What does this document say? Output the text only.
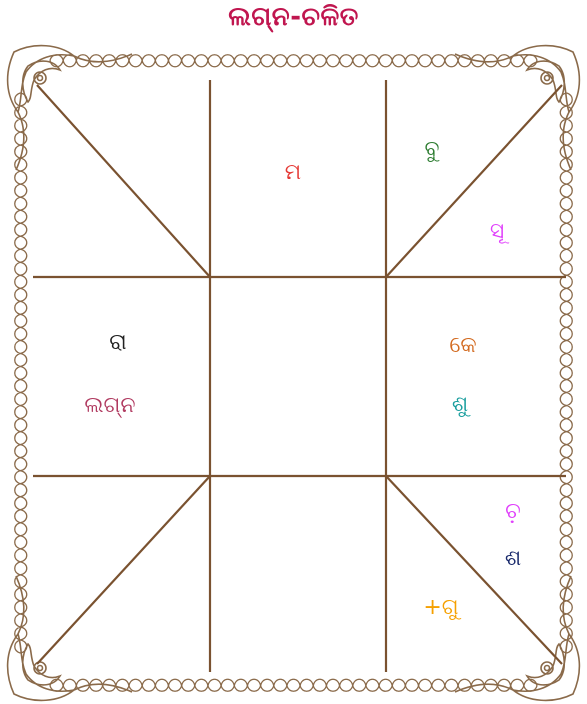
ଲଗ୍ନ-ଚଳିତ
ମ
ବୁ
ସୂ
ରା
ଲଗ୍ନ
କେ
ଶୁ
ଚ଼
ଶ
+ଗୁ
